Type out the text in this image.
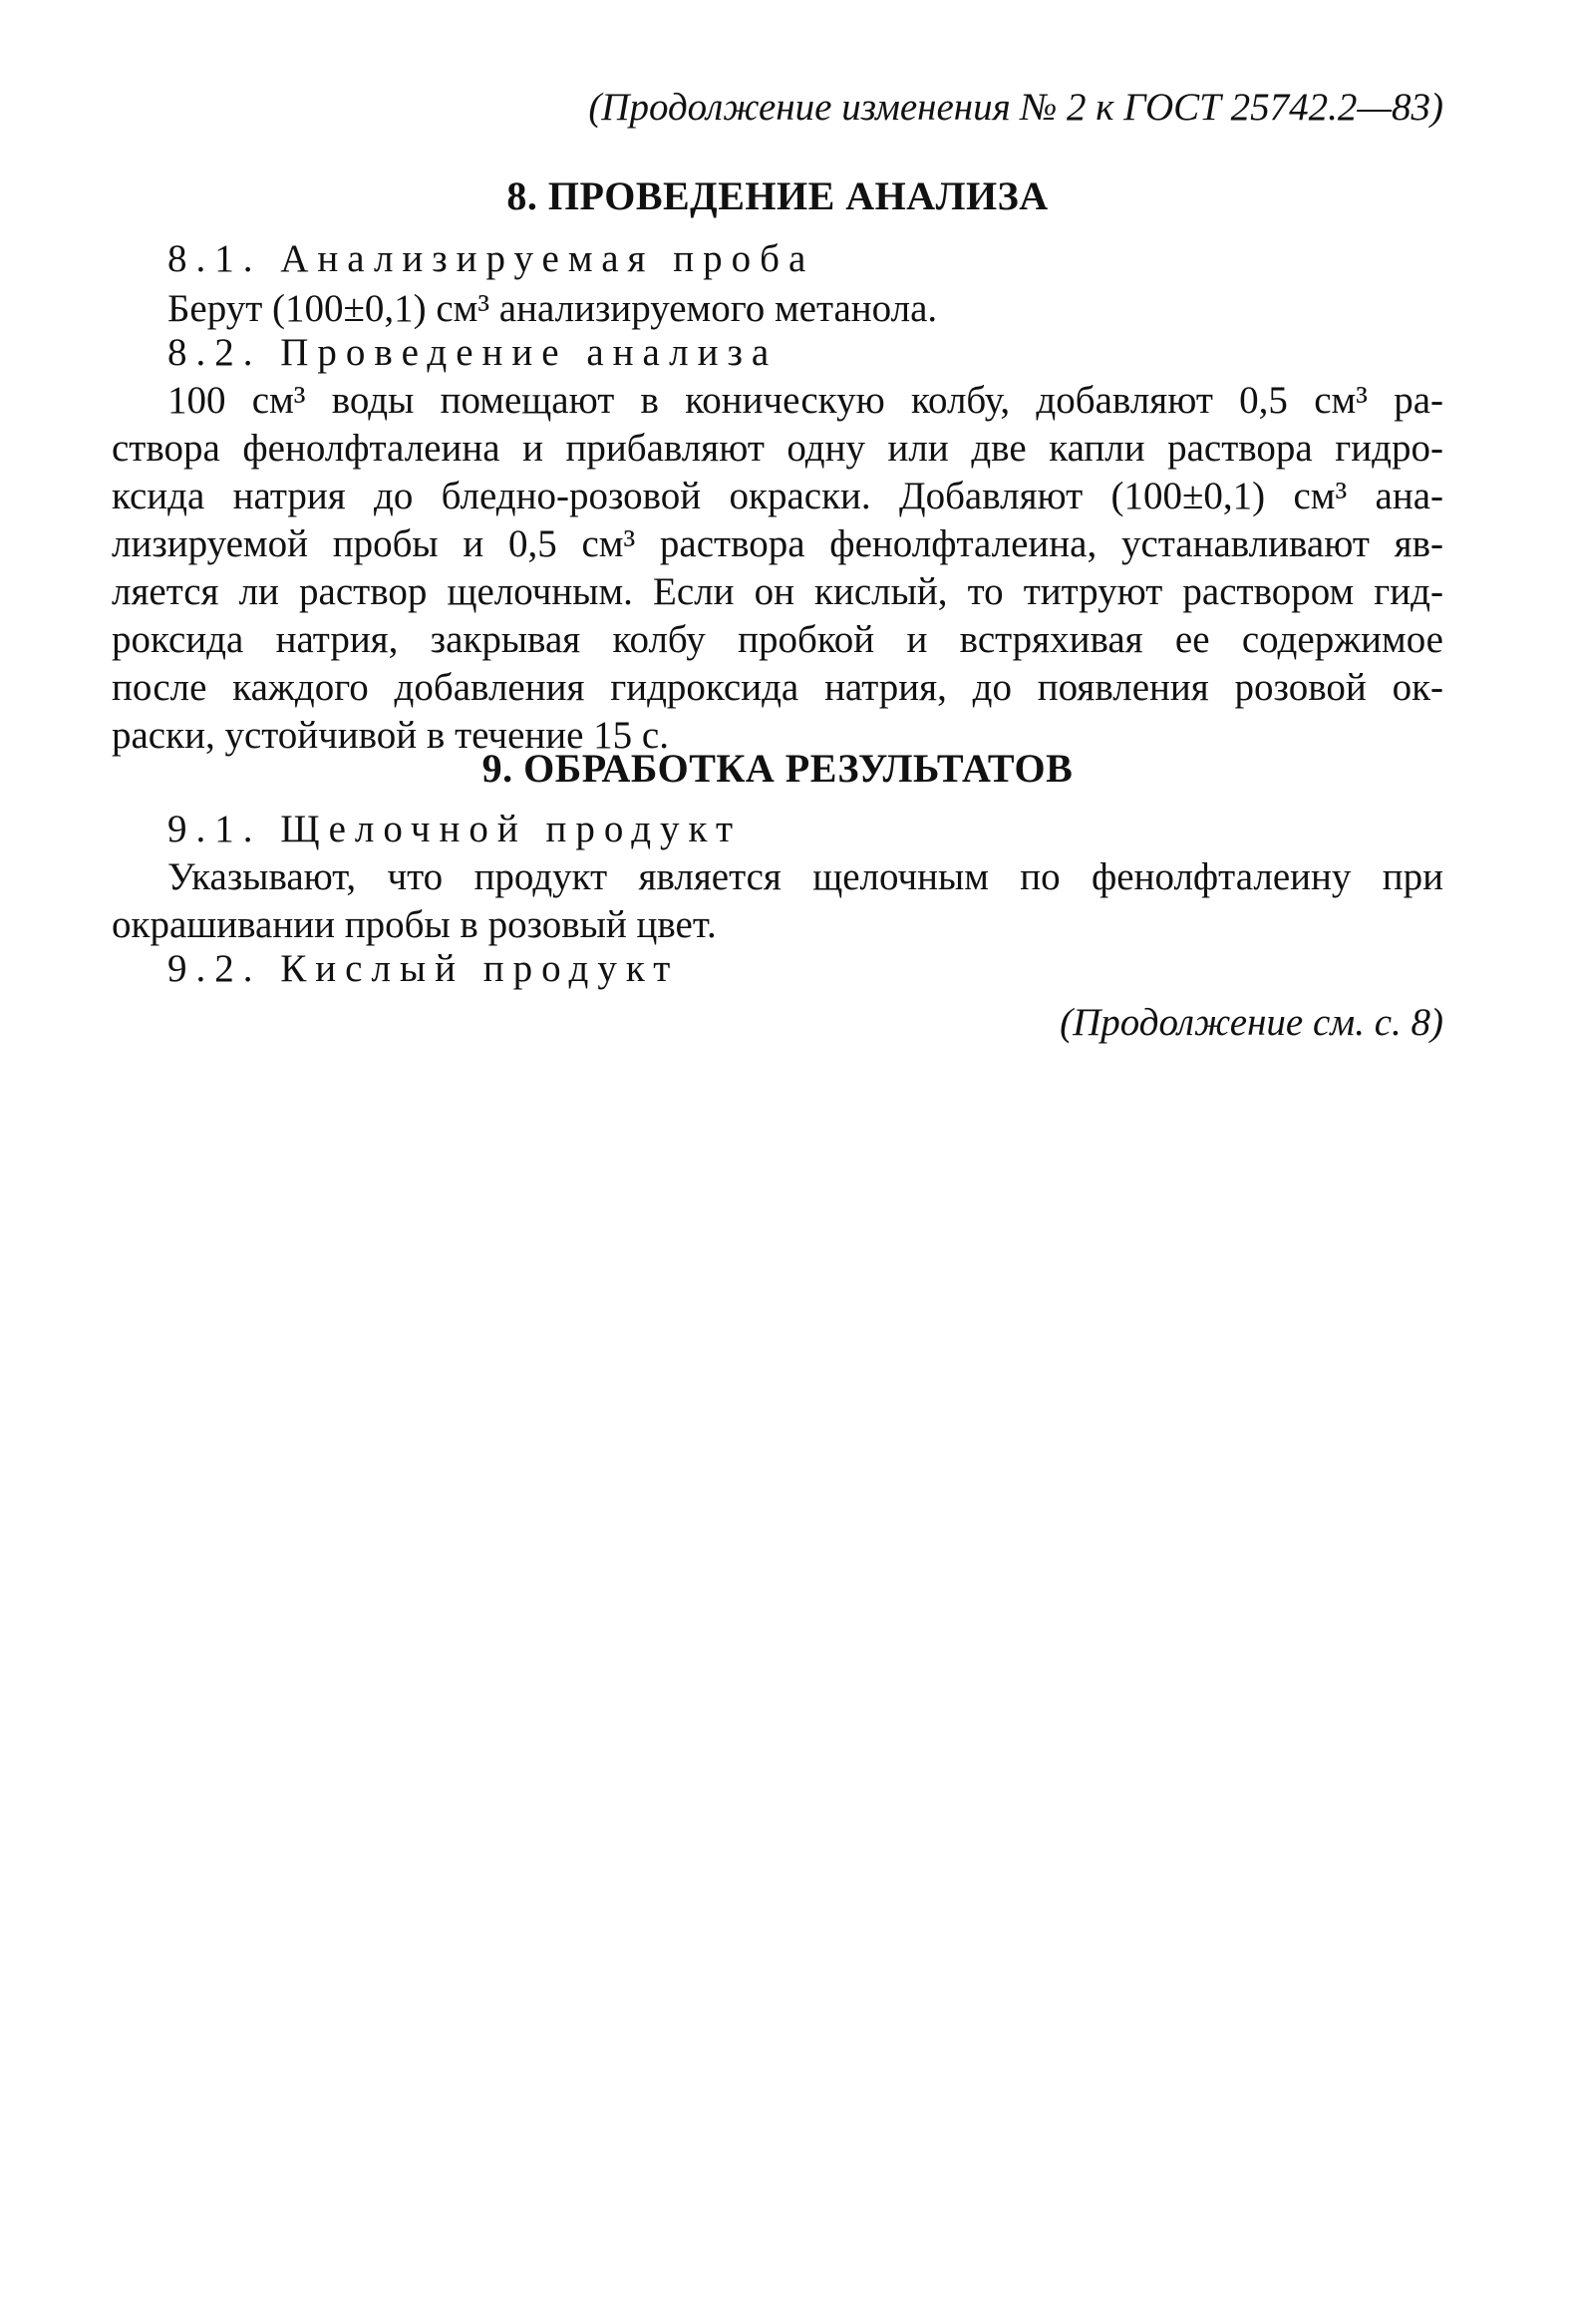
(Продолжение изменения № 2 к ГОСТ 25742.2—83)

8. ПРОВЕДЕНИЕ АНАЛИЗА

8.1. Анализируемая проба

Берут (100±0,1) см³ анализируемого метанола.

8.2. Проведение анализа

100 см³ воды помещают в коническую колбу, добавляют 0,5 см³ ра-
створа фенолфталеина и прибавляют одну или две капли раствора гидро-
ксида натрия до бледно-розовой окраски. Добавляют (100±0,1) см³ ана-
лизируемой пробы и 0,5 см³ раствора фенолфталеина, устанавливают яв-
ляется ли раствор щелочным. Если он кислый, то титруют раствором гид-
роксида натрия, закрывая колбу пробкой и встряхивая ее содержимое
после каждого добавления гидроксида натрия, до появления розовой ок-
раски, устойчивой в течение 15 с.
9. ОБРАБОТКА РЕЗУЛЬТАТОВ

9.1. Щелочной продукт

Указывают, что продукт является щелочным по фенолфталеину при
окрашивании пробы в розовый цвет.

9.2. Кислый продукт

(Продолжение см. с. 8)
